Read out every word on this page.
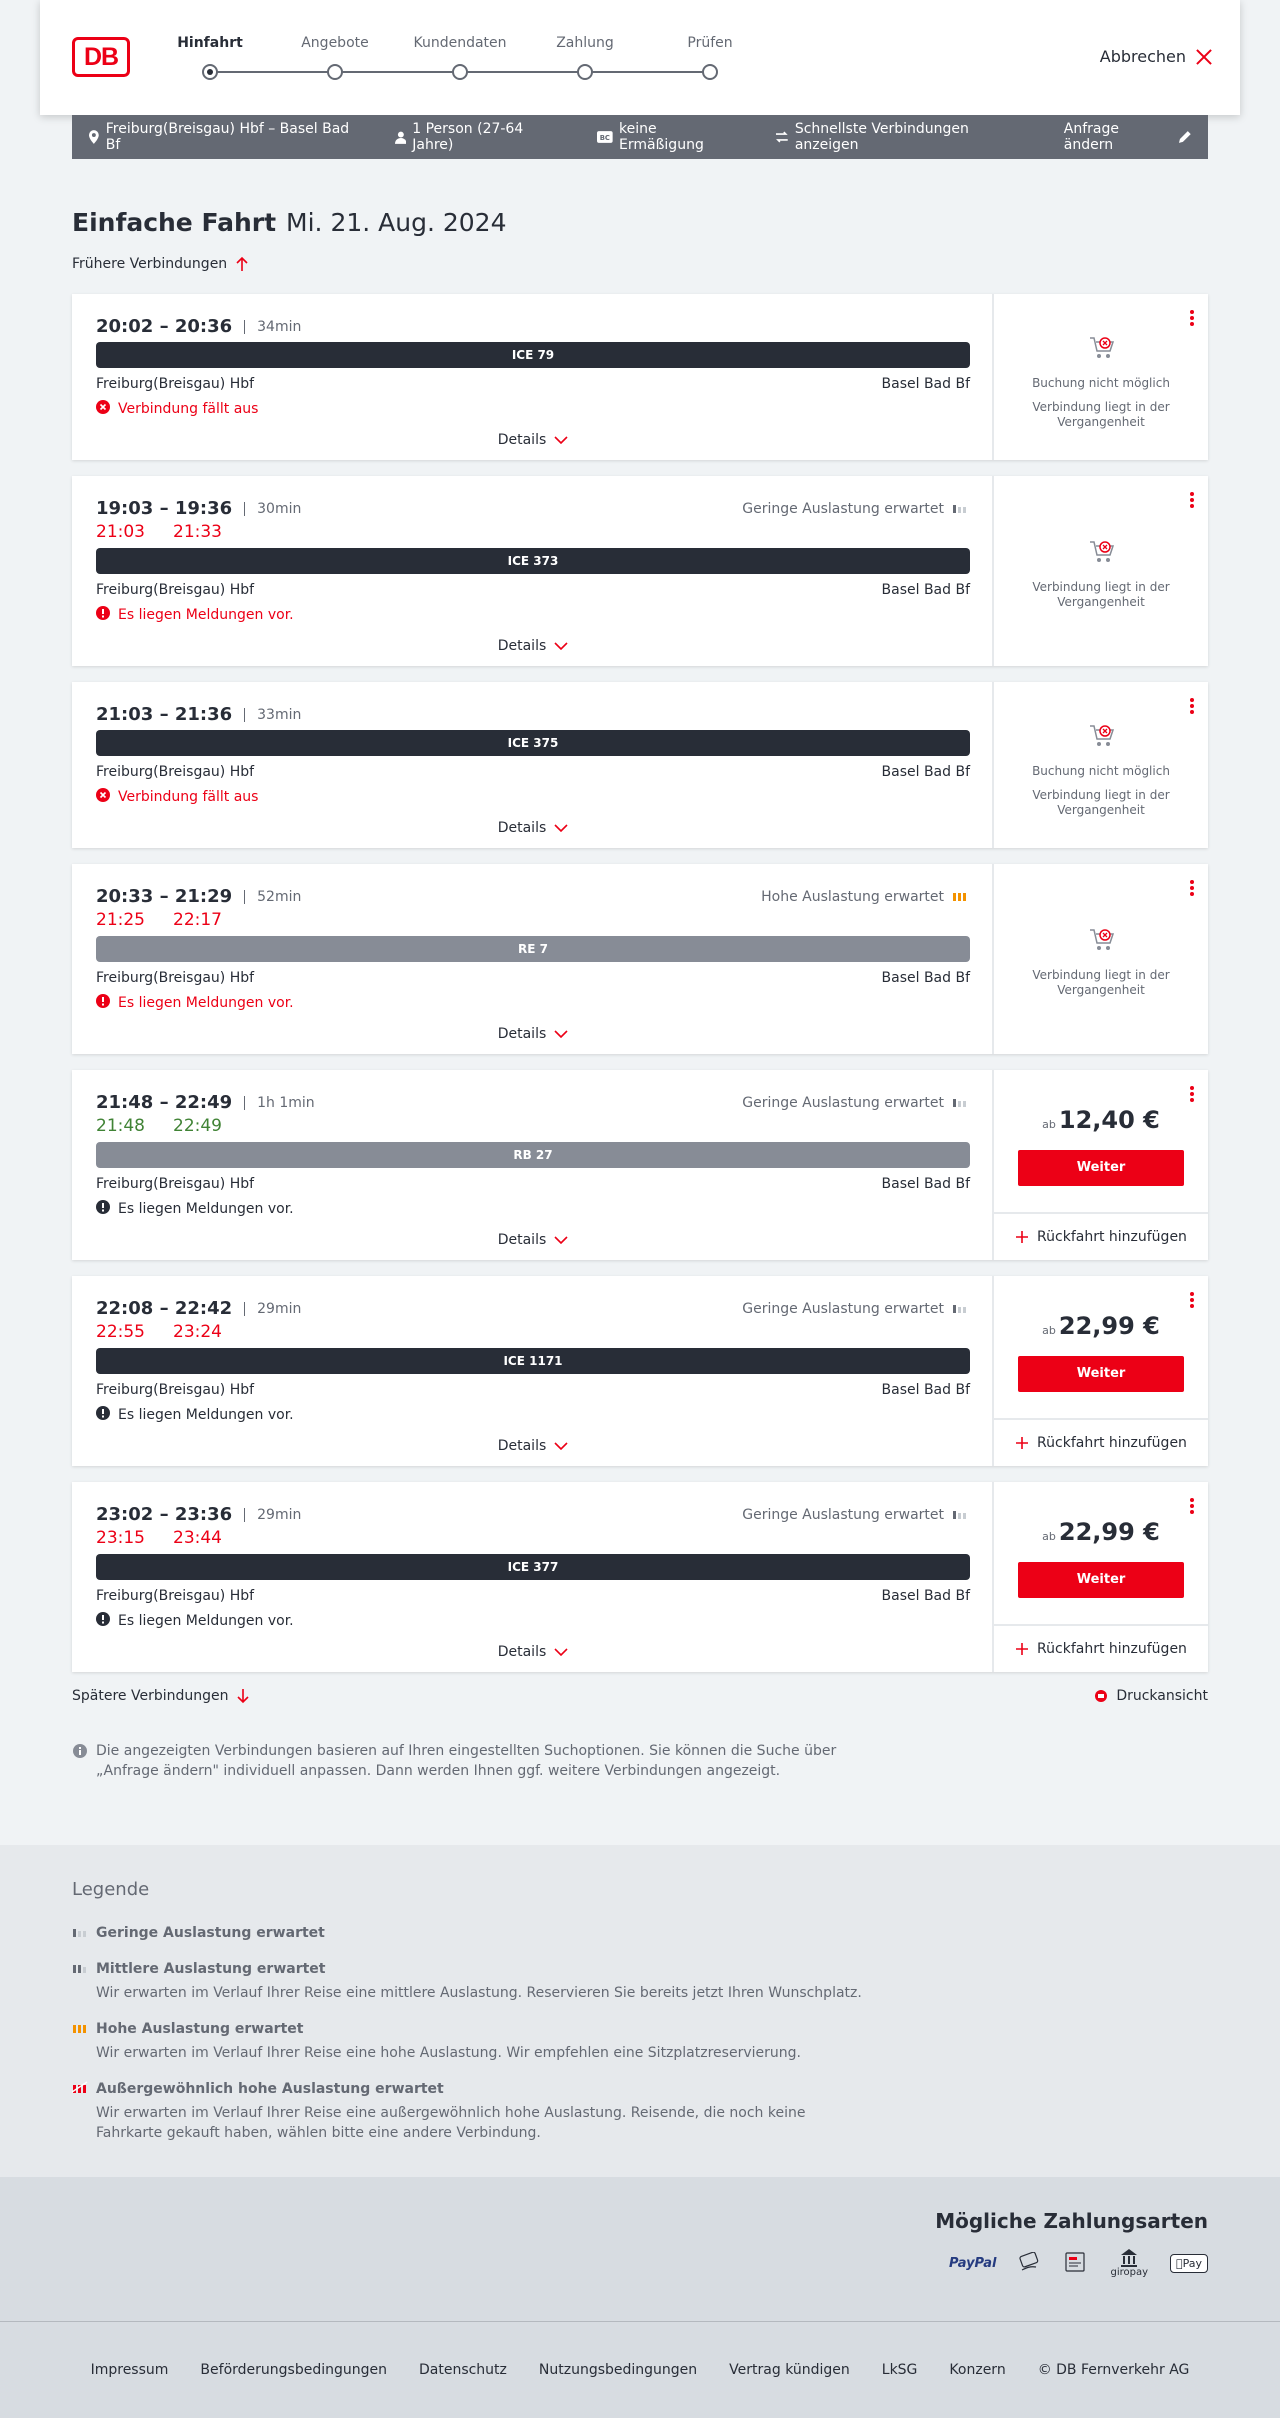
DB	Hinfahrt	Angebote	Kundendaten	Zahlung	Prüfen
Abbrechen
Freiburg(Breisgau) Hbf – Basel Bad Bf
1 Person (27-64 Jahre)	BC
keine Ermäßigung
Schnellste Verbindungen anzeigen
Anfrage ändern
Einfache Fahrt Mi. 21. Aug. 2024
Frühere Verbindungen
20:02 – 20:36	34min
ICE 79
Freiburg(Breisgau) Hbf	Basel Bad Bf
Verbindung fällt aus
Details
Buchung nicht möglich
Verbindung liegt in der Vergangenheit
19:03 – 19:36	30min
21:03 21:33
Geringe Auslastung erwartet
ICE 373
Freiburg(Breisgau) Hbf	Basel Bad Bf
Es liegen Meldungen vor.
Details
Verbindung liegt in der Vergangenheit
21:03 – 21:36	33min
ICE 375
Freiburg(Breisgau) Hbf	Basel Bad Bf
Verbindung fällt aus
Details
Buchung nicht möglich
Verbindung liegt in der Vergangenheit
20:33 – 21:29	52min
21:25 22:17
Hohe Auslastung erwartet
RE 7
Freiburg(Breisgau) Hbf	Basel Bad Bf
Es liegen Meldungen vor.
Details
Verbindung liegt in der Vergangenheit
21:48 – 22:49	1h 1min
21:48 22:49
Geringe Auslastung erwartet
RB 27
Freiburg(Breisgau) Hbf	Basel Bad Bf
Es liegen Meldungen vor.
Details
ab 12,40 €
Weiter
Rückfahrt hinzufügen
22:08 – 22:42	29min
22:55 23:24
Geringe Auslastung erwartet
ICE 1171
Freiburg(Breisgau) Hbf	Basel Bad Bf
Es liegen Meldungen vor.
Details
ab 22,99 €
Weiter
Rückfahrt hinzufügen
23:02 – 23:36	29min
23:15 23:44
Geringe Auslastung erwartet
ICE 377
Freiburg(Breisgau) Hbf	Basel Bad Bf
Es liegen Meldungen vor.
Details
ab 22,99 €
Weiter
Rückfahrt hinzufügen
Spätere Verbindungen	Druckansicht
Die angezeigten Verbindungen basieren auf Ihren eingestellten Suchoptionen. Sie können die Suche über „Anfrage ändern" individuell anpassen. Dann werden Ihnen ggf. weitere Verbindungen angezeigt.
Legende
Geringe Auslastung erwartet
Mittlere Auslastung erwartet

Wir erwarten im Verlauf Ihrer Reise eine mittlere Auslastung. Reservieren Sie bereits jetzt Ihren Wunschplatz.

Hohe Auslastung erwartet

Wir erwarten im Verlauf Ihrer Reise eine hohe Auslastung. Wir empfehlen eine Sitzplatzreservierung.

Außergewöhnlich hohe Auslastung erwartet

Wir erwarten im Verlauf Ihrer Reise eine außergewöhnlich hohe Auslastung. Reisende, die noch keine Fahrkarte gekauft haben, wählen bitte eine andere Verbindung.

Mögliche Zahlungsarten
PayPal
giropay
Pay
Impressum Beförderungsbedingungen Datenschutz Nutzungsbedingungen Vertrag kündigen LkSG Konzern © DB Fernverkehr AG
